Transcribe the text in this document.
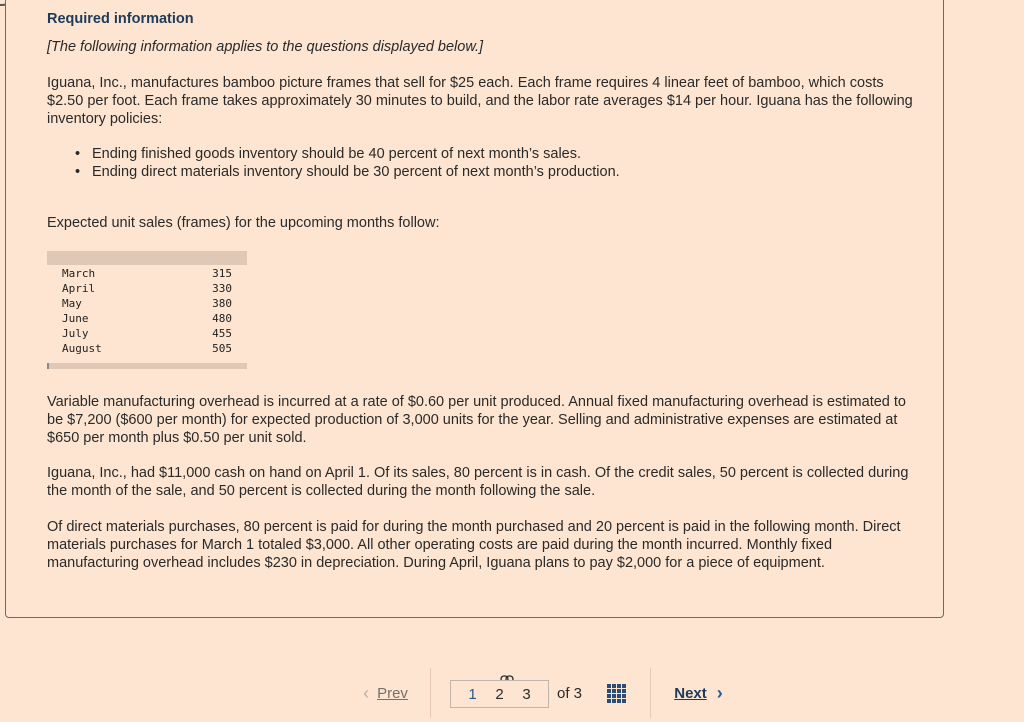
Required information
[The following information applies to the questions displayed below.]
Iguana, Inc., manufactures bamboo picture frames that sell for $25 each. Each frame requires 4 linear feet of bamboo, which costs $2.50 per foot. Each frame takes approximately 30 minutes to build, and the labor rate averages $14 per hour. Iguana has the following inventory policies:
• Ending finished goods inventory should be 40 percent of next month’s sales.
• Ending direct materials inventory should be 30 percent of next month’s production.
Expected unit sales (frames) for the upcoming months follow:
March	315
April	330
May	380
June	480
July	455
August	505
Variable manufacturing overhead is incurred at a rate of $0.60 per unit produced. Annual fixed manufacturing overhead is estimated to be $7,200 ($600 per month) for expected production of 3,000 units for the year. Selling and administrative expenses are estimated at $650 per month plus $0.50 per unit sold.
Iguana, Inc., had $11,000 cash on hand on April 1. Of its sales, 80 percent is in cash. Of the credit sales, 50 percent is collected during the month of the sale, and 50 percent is collected during the month following the sale.
Of direct materials purchases, 80 percent is paid for during the month purchased and 20 percent is paid in the following month. Direct materials purchases for March 1 totaled $3,000. All other operating costs are paid during the month incurred. Monthly fixed manufacturing overhead includes $230 in depreciation. During April, Iguana plans to pay $2,000 for a piece of equipment.
‹ Prev	1 2 3 of 3	Next ›
